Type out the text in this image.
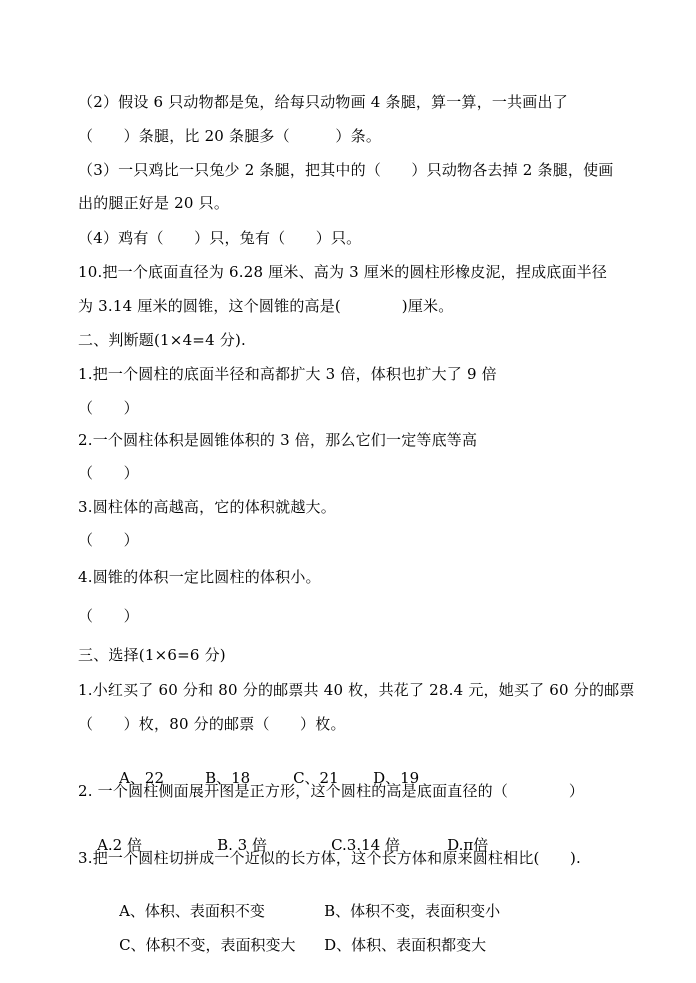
（2）假设 6 只动物都是兔，给每只动物画 4 条腿，算一算，一共画出了
（　　）条腿，比 20 条腿多（　　　）条。
（3）一只鸡比一只兔少 2 条腿，把其中的（　　）只动物各去掉 2 条腿，使画
出的腿正好是 20 只。
（4）鸡有（　　）只，兔有（　　）只。
10.把一个底面直径为 6.28 厘米、高为 3 厘米的圆柱形橡皮泥，捏成底面半径
为 3.14 厘米的圆锥，这个圆锥的高是(　　　　)厘米。
二、判断题(1×4=4 分).
1.把一个圆柱的底面半径和高都扩大 3 倍，体积也扩大了 9 倍
（　　）
2.一个圆柱体积是圆锥体积的 3 倍，那么它们一定等底等高
（　　）
3.圆柱体的高越高，它的体积就越大。
（　　）
4.圆锥的体积一定比圆柱的体积小。
（　　）
三、选择(1×6=6 分)
1.小红买了 60 分和 80 分的邮票共 40 枚，共花了 28.4 元，她买了 60 分的邮票
（　　）枚，80 分的邮票（　　）枚。

A、22	B、18	C、21 D、19

2. 一个圆柱侧面展开图是正方形，这个圆柱的高是底面直径的（　　　　）

A.2 倍	B. 3 倍	C.3.14 倍	D.π倍

3.把一个圆柱切拼成一个近似的长方体，这个长方体和原来圆柱相比(　　).

A、体积、表面积不变	B、体积不变，表面积变小

C、体积不变，表面积变大 D、体积、表面积都变大
